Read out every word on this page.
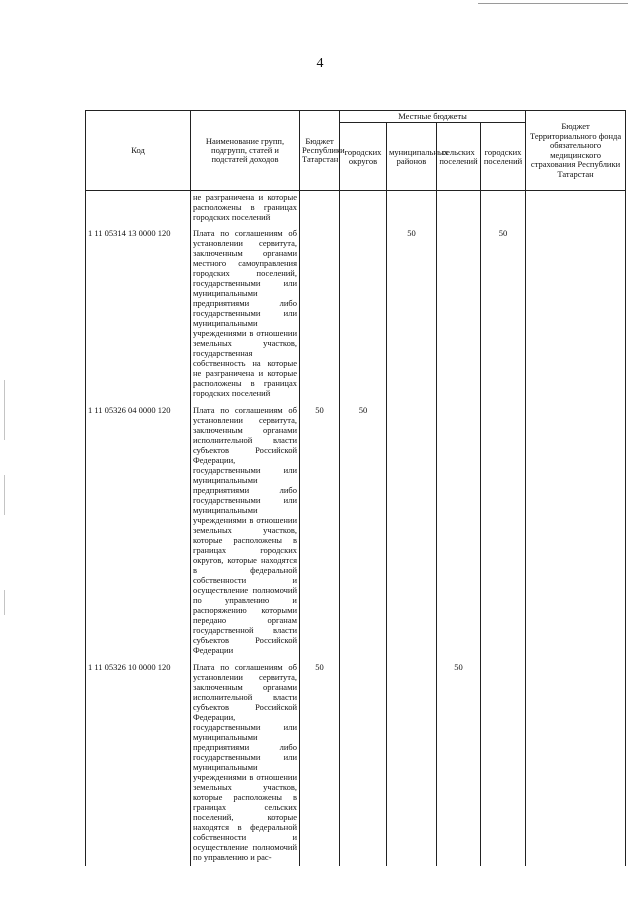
4
Код	Наименование групп, подгрупп, статей и подстатей доходов	Бюджет Республики Татарстан	Местные бюджеты				Бюджет Территориального фонда обязательного медицинского страхования Республики Татарстан
			городских округов	муниципальных районов	сельских поселений	городских поселений	
	не разграничена и которые расположены в границах городских поселений						
1 11 05314 13 0000 120	Плата по соглашениям об установлении сервитута, заключенным органами местного самоуправления городских поселений, государственными или муниципальными предприятиями либо государственными или муниципальными учреждениями в отношении земельных участков, государственная собственность на которые не разграничена и которые расположены в границах городских поселений			50		50	
1 11 05326 04 0000 120	Плата по соглашениям об установлении сервитута, заключенным органами исполнительной власти субъектов Российской Федерации, государственными или муниципальными предприятиями либо государственными или муниципальными учреждениями в отношении земельных участков, которые расположены в границах городских округов, которые находятся в федеральной собственности и осуществление полномочий по управлению и распоряжению которыми передано органам государственной власти субъектов Российской Федерации	50	50				
1 11 05326 10 0000 120	Плата по соглашениям об установлении сервитута, заключенным органами исполнительной власти субъектов Российской Федерации, государственными или муниципальными предприятиями либо государственными или муниципальными учреждениями в отношении земельных участков, которые расположены в границах сельских поселений, которые находятся в федеральной собственности и осуществление полномочий по управлению и рас-	50			50		
